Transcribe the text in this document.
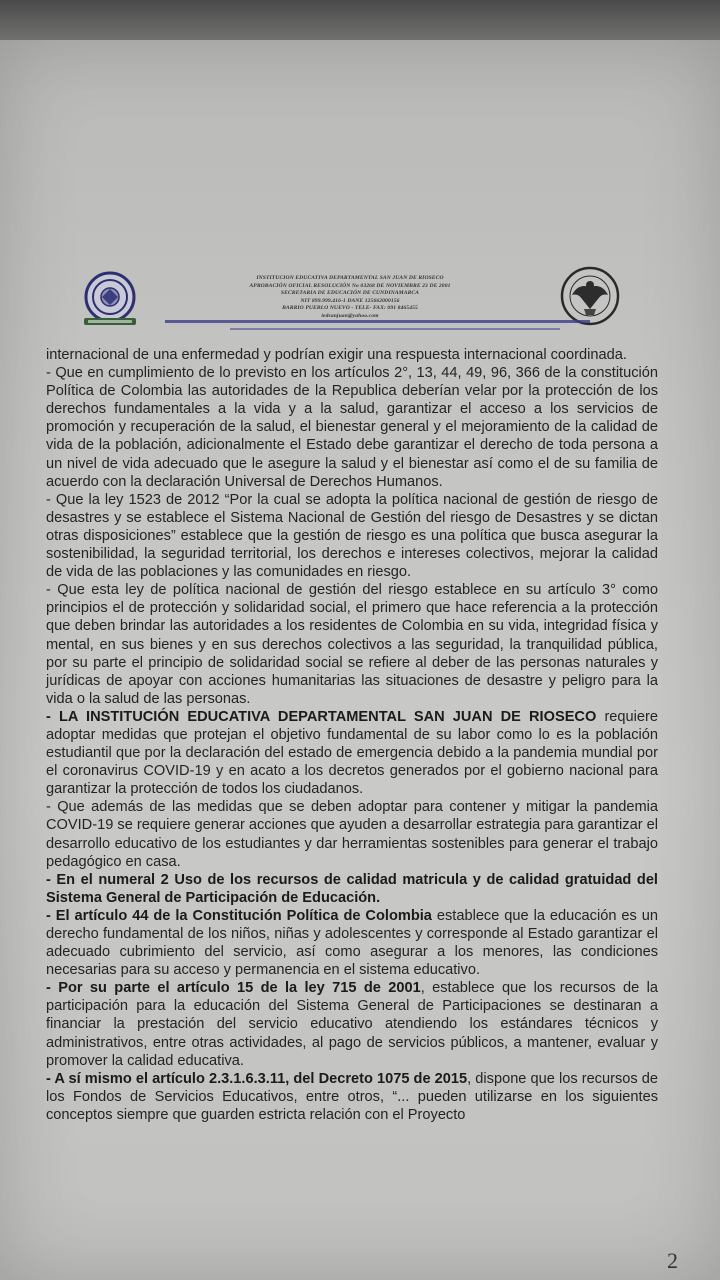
INSTITUCION EDUCATIVA DEPARTAMENTAL SAN JUAN DE RIOSECO
APROBACIÓN OFICIAL RESOLUCIÓN No 03268 DE NOVIEMBRE 23 DE 2001
SECRETARIA DE EDUCACIÓN DE CUNDINAMARCA
NIT 899.999.416-1 DANE 125662000156
BARRIO PUEBLO NUEVO - TELE- FAX: 091 8465455
iedsanjuan@yahoo.com

internacional de una enfermedad y podrían exigir una respuesta internacional coordinada.

- Que en cumplimiento de lo previsto en los artículos 2°, 13, 44, 49, 96, 366 de la constitución Política de Colombia las autoridades de la Republica deberían velar por la protección de los derechos fundamentales a la vida y a la salud, garantizar el acceso a los servicios de promoción y recuperación de la salud, el bienestar general y el mejoramiento de la calidad de vida de la población, adicionalmente el Estado debe garantizar el derecho de toda persona a un nivel de vida adecuado que le asegure la salud y el bienestar así como el de su familia de acuerdo con la declaración Universal de Derechos Humanos.

- Que la ley 1523 de 2012 “Por la cual se adopta la política nacional de gestión de riesgo de desastres y se establece el Sistema Nacional de Gestión del riesgo de Desastres y se dictan otras disposiciones” establece que la gestión de riesgo es una política que busca asegurar la sostenibilidad, la seguridad territorial, los derechos e intereses colectivos, mejorar la calidad de vida de las poblaciones y las comunidades en riesgo.

- Que esta ley de política nacional de gestión del riesgo establece en su artículo 3° como principios el de protección y solidaridad social, el primero que hace referencia a la protección que deben brindar las autoridades a los residentes de Colombia en su vida, integridad física y mental, en sus bienes y en sus derechos colectivos a las seguridad, la tranquilidad pública, por su parte el principio de solidaridad social se refiere al deber de las personas naturales y jurídicas de apoyar con acciones humanitarias las situaciones de desastre y peligro para la vida o la salud de las personas.

- LA INSTITUCIÓN EDUCATIVA DEPARTAMENTAL SAN JUAN DE RIOSECO requiere adoptar medidas que protejan el objetivo fundamental de su labor como lo es la población estudiantil que por la declaración del estado de emergencia debido a la pandemia mundial por el coronavirus COVID-19 y en acato a los decretos generados por el gobierno nacional para garantizar la protección de todos los ciudadanos.

- Que además de las medidas que se deben adoptar para contener y mitigar la pandemia COVID-19 se requiere generar acciones que ayuden a desarrollar estrategia para garantizar el desarrollo educativo de los estudiantes y dar herramientas sostenibles para generar el trabajo pedagógico en casa.

- En el numeral 2 Uso de los recursos de calidad matricula y de calidad gratuidad del Sistema General de Participación de Educación.

- El artículo 44 de la Constitución Política de Colombia establece que la educación es un derecho fundamental de los niños, niñas y adolescentes y corresponde al Estado garantizar el adecuado cubrimiento del servicio, así como asegurar a los menores, las condiciones necesarias para su acceso y permanencia en el sistema educativo.

- Por su parte el artículo 15 de la ley 715 de 2001, establece que los recursos de la participación para la educación del Sistema General de Participaciones se destinaran a financiar la prestación del servicio educativo atendiendo los estándares técnicos y administrativos, entre otras actividades, al pago de servicios públicos, a mantener, evaluar y promover la calidad educativa.

- A sí mismo el artículo 2.3.1.6.3.11, del Decreto 1075 de 2015, dispone que los recursos de los Fondos de Servicios Educativos, entre otros, “... pueden utilizarse en los siguientes conceptos siempre que guarden estricta relación con el Proyecto

2
